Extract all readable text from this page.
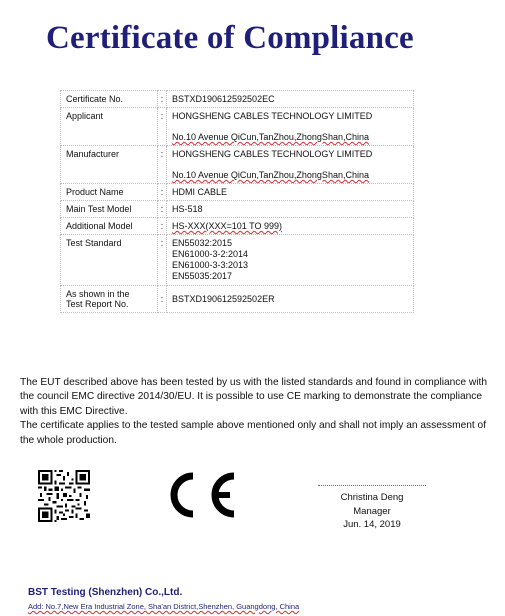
Certificate of Compliance
Certificate No.	:	BSTXD190612592502EC
Applicant	:	HONGSHENG CABLES TECHNOLOGY LIMITED
No.10 Avenue QiCun,TanZhou,ZhongShan,China

Manufacturer	:	HONGSHENG CABLES TECHNOLOGY LIMITED
No.10 Avenue QiCun,TanZhou,ZhongShan,China

Product Name	:	HDMI CABLE
Main Test Model	:	HS-518
Additional Model	:	HS-XXX(XXX=101 TO 999)
Test Standard	:	EN55032:2015
EN61000-3-2:2014
EN61000-3-3:2013
EN55035:2017

As shown in the
Test Report No.	:	BSTXD190612592502ER

The EUT described above has been tested by us with the listed standards and found in compliance with the council EMC directive 2014/30/EU. It is possible to use CE marking to demonstrate the compliance with this EMC Directive.

The certificate applies to the tested sample above mentioned only and shall not imply an assessment of the whole production.

Christina Deng
Manager
Jun. 14, 2019
BST Testing (Shenzhen) Co.,Ltd.
Add: No.7,New Era Industrial Zone, Sha'an District,Shenzhen, Guangdong, China
